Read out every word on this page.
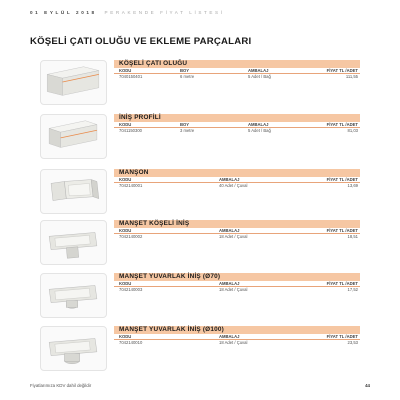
01 EYLÜL 2018 PERAKENDE FİYAT LİSTESİ
KÖŞELİ ÇATI OLUĞU VE EKLEME PARÇALARI
KÖŞELİ ÇATI OLUĞU
KODU	BOY	AMBALAJ	FİYAT TL /ADET
7040150401	6 metre	5 Adet / Bağ	111,55
İNİŞ PROFİLİ
KODU	BOY	AMBALAJ	FİYAT TL /ADET
7041150300	3 metre	5 Adet / Bağ	81,03
MANŞON
KODU	AMBALAJ	FİYAT TL /ADET
7042140001	40 Adet / Çuval	13,69
MANŞET KÖŞELİ İNİŞ
KODU	AMBALAJ	FİYAT TL /ADET
7042140002	18 Adet / Çuval	18,51
MANŞET YUVARLAK İNİŞ (Ø70)
KODU	AMBALAJ	FİYAT TL /ADET
7042140003	18 Adet / Çuval	17,52
MANŞET YUVARLAK İNİŞ (Ø100)
KODU	AMBALAJ	FİYAT TL /ADET
7042140010	18 Adet / Çuval	23,53
Fiyatlarımıza KDV dahil değildir	44
